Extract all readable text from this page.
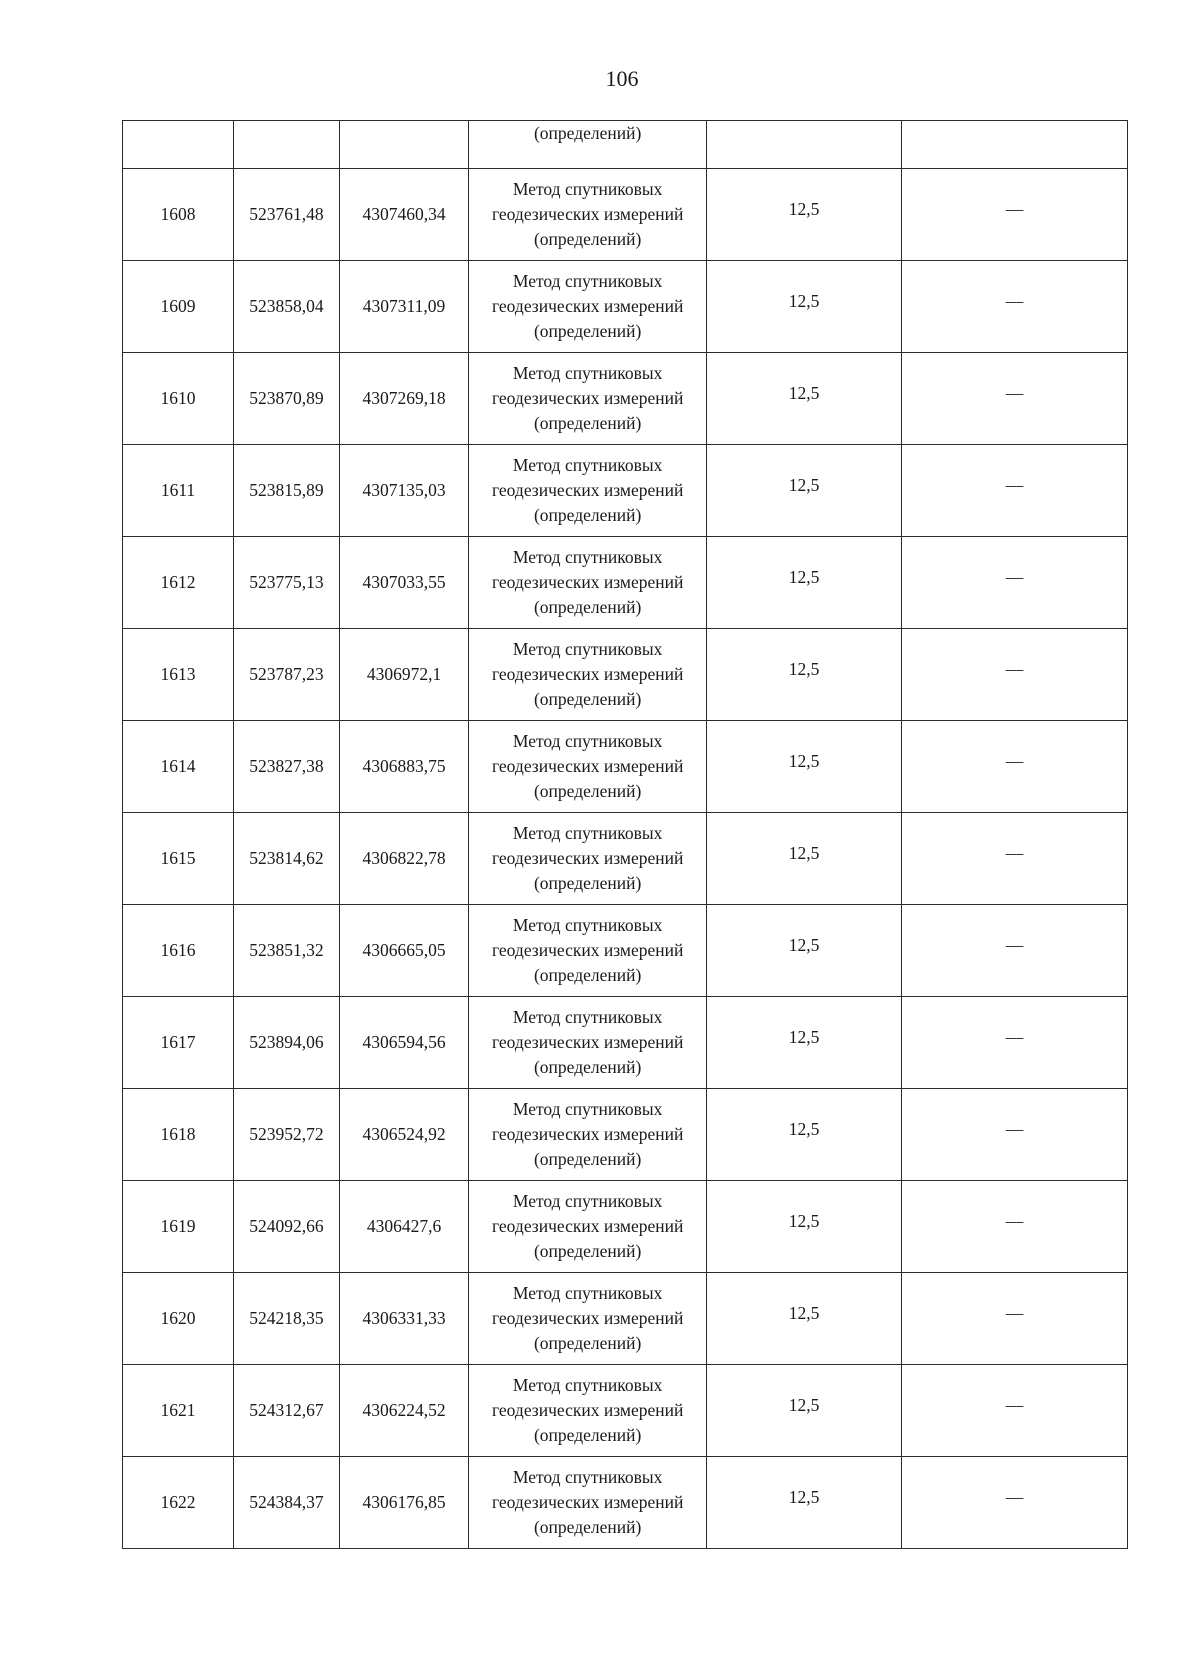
106

			(определений)		

1608	523761,48	4307460,34	Метод спутниковых
геодезических измерений
(определений)	12,5	—
1609	523858,04	4307311,09	Метод спутниковых
геодезических измерений
(определений)	12,5	—
1610	523870,89	4307269,18	Метод спутниковых
геодезических измерений
(определений)	12,5	—
1611	523815,89	4307135,03	Метод спутниковых
геодезических измерений
(определений)	12,5	—
1612	523775,13	4307033,55	Метод спутниковых
геодезических измерений
(определений)	12,5	—
1613	523787,23	4306972,1	Метод спутниковых
геодезических измерений
(определений)	12,5	—
1614	523827,38	4306883,75	Метод спутниковых
геодезических измерений
(определений)	12,5	—
1615	523814,62	4306822,78	Метод спутниковых
геодезических измерений
(определений)	12,5	—
1616	523851,32	4306665,05	Метод спутниковых
геодезических измерений
(определений)	12,5	—
1617	523894,06	4306594,56	Метод спутниковых
геодезических измерений
(определений)	12,5	—
1618	523952,72	4306524,92	Метод спутниковых
геодезических измерений
(определений)	12,5	—
1619	524092,66	4306427,6	Метод спутниковых
геодезических измерений
(определений)	12,5	—
1620	524218,35	4306331,33	Метод спутниковых
геодезических измерений
(определений)	12,5	—
1621	524312,67	4306224,52	Метод спутниковых
геодезических измерений
(определений)	12,5	—
1622	524384,37	4306176,85	Метод спутниковых
геодезических измерений
(определений)	12,5	—
